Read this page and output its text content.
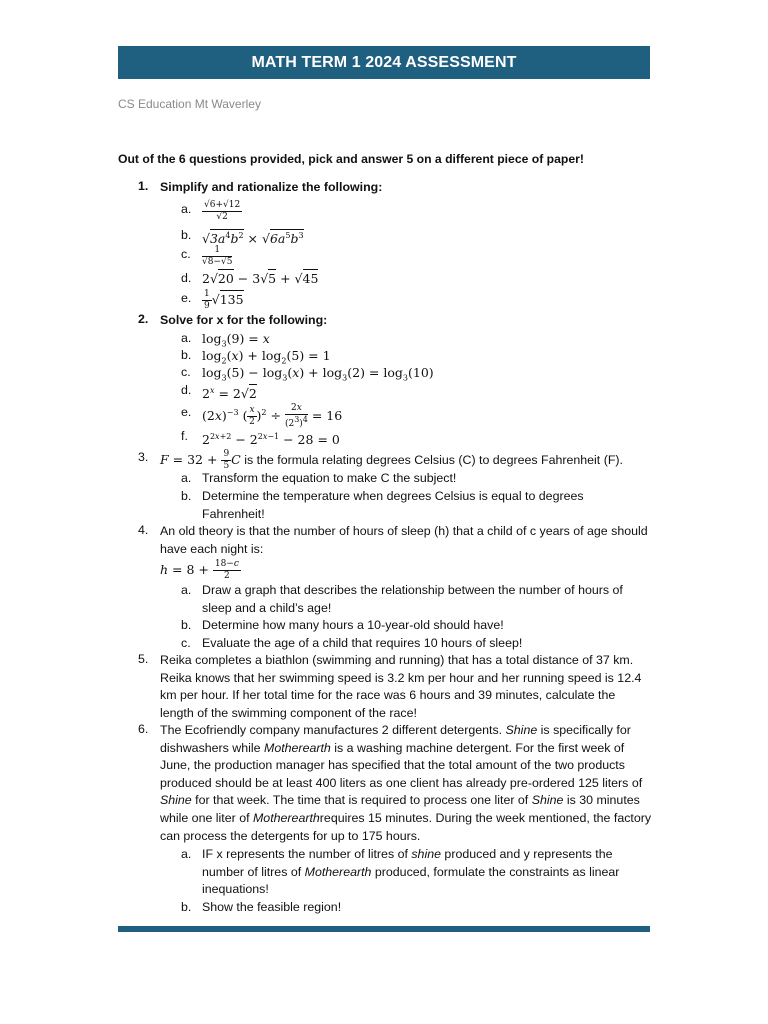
MATH TERM 1 2024 ASSESSMENT
CS Education Mt Waverley
Out of the 6 questions provided, pick and answer 5 on a different piece of paper!
1. Simplify and rationalize the following:
a. $\frac{√6+√12}{√2}$
b. $√3a^4b^2 \times √6a^5b^3$
c. $\frac{1}{√8-√5}$
d. 2√20 − 3√5 + √45
e. $\frac{1}{9} √135$
2. Solve for x for the following:
a. $\log_3(9) = x$
b. $\log_2(x) + \log_2(5) = 1$
c. $\log_3(5) - \log_3(x) + \log_3(2) = \log_3(10)$
d. $2^x = 2√2$
e. $(2x)^{-3}$ ( $\frac{x}{2} )^2 \div \frac{2x}{(2^3)^4} = 16$
f. $2^{2x+2} - 2^{2x-1} - 28 = 0$
3. $F = 32 + \frac{9}{5}$ C is the formula relating degrees Celsius (C) to degrees Fahrenheit (F).
a. Transform the equation to make C the subject!
b. Determine the temperature when degrees Celsius is equal to degrees Fahrenheit!
4. An old theory is that the number of hours of sleep (h) that a child of c years of age should have each night is:
$h = 8 + \frac{18-c}{2}$
a. Draw a graph that describes the relationship between the number of hours of sleep and a child’s age!
b. Determine how many hours a 10-year-old should have!
c. Evaluate the age of a child that requires 10 hours of sleep!
5. Reika completes a biathlon (swimming and running) that has a total distance of 37 km. Reika knows that her swimming speed is 3.2 km per hour and her running speed is 12.4 km per hour. If her total time for the race was 6 hours and 39 minutes, calculate the length of the swimming component of the race!
6. The Ecofriendly company manufactures 2 different detergents. Shine is specifically for dishwashers while Motherearth is a washing machine detergent. For the first week of June, the production manager has specified that the total amount of the two products produced should be at least 400 liters as one client has already pre-ordered 125 liters of Shine for that week. The time that is required to process one liter of Shine is 30 minutes while one liter of Motherearthrequires 15 minutes. During the week mentioned, the factory can process the detergents for up to 175 hours.
a. IF x represents the number of litres of shine produced and y represents the number of litres of Motherearth produced, formulate the constraints as linear inequations!
b. Show the feasible region!
